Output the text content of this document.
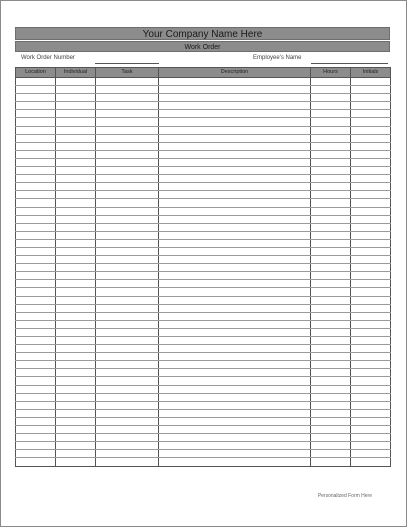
Your Company Name Here
Work Order
Work Order Number	Employee's Name
Location	Individual	Task	Description	Hours	Initials

Personalized Form Here
